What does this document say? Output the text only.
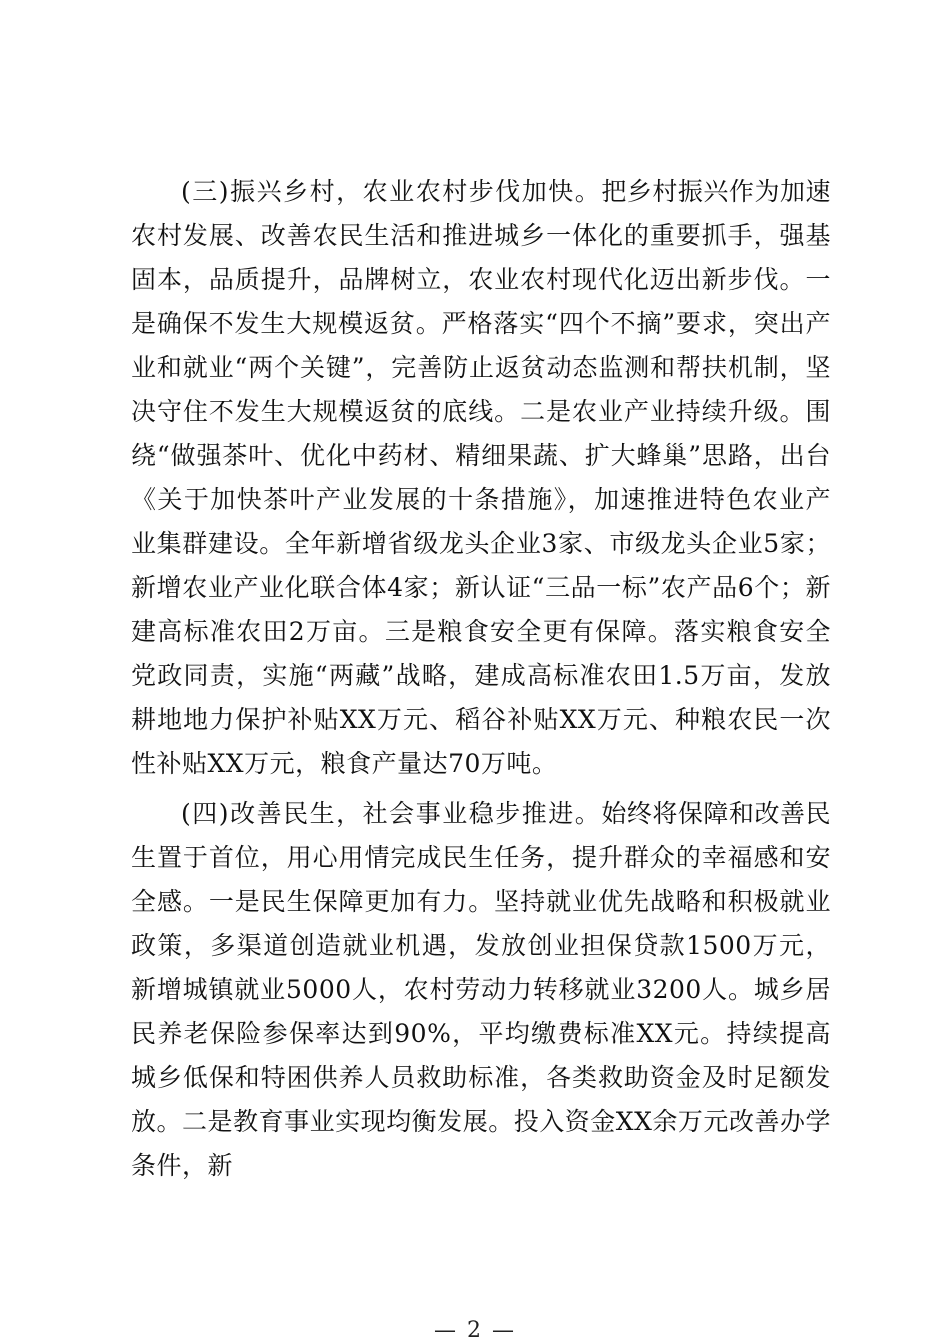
(三)振兴乡村，农业农村步伐加快。把乡村振兴作为加速农村发展、改善农民生活和推进城乡一体化的重要抓手，强基固本，品质提升，品牌树立，农业农村现代化迈出新步伐。一是确保不发生大规模返贫。严格落实“四个不摘”要求，突出产业和就业“两个关键”，完善防止返贫动态监测和帮扶机制，坚决守住不发生大规模返贫的底线。二是农业产业持续升级。围绕“做强茶叶、优化中药材、精细果蔬、扩大蜂巢”思路，出台《关于加快茶叶产业发展的十条措施》，加速推进特色农业产业集群建设。全年新增省级龙头企业3家、市级龙头企业5家；新增农业产业化联合体4家；新认证“三品一标”农产品6个；新建高标准农田2万亩。三是粮食安全更有保障。落实粮食安全党政同责，实施“两藏”战略，建成高标准农田1.5万亩，发放耕地地力保护补贴XX万元、稻谷补贴XX万元、种粮农民一次性补贴XX万元，粮食产量达70万吨。

(四)改善民生，社会事业稳步推进。始终将保障和改善民生置于首位，用心用情完成民生任务，提升群众的幸福感和安全感。一是民生保障更加有力。坚持就业优先战略和积极就业政策，多渠道创造就业机遇，发放创业担保贷款1500万元，新增城镇就业5000人，农村劳动力转移就业3200人。城乡居民养老保险参保率达到90%，平均缴费标准XX元。持续提高城乡低保和特困供养人员救助标准，各类救助资金及时足额发放。二是教育事业实现均衡发展。投入资金XX余万元改善办学条件，新

— 2 —
